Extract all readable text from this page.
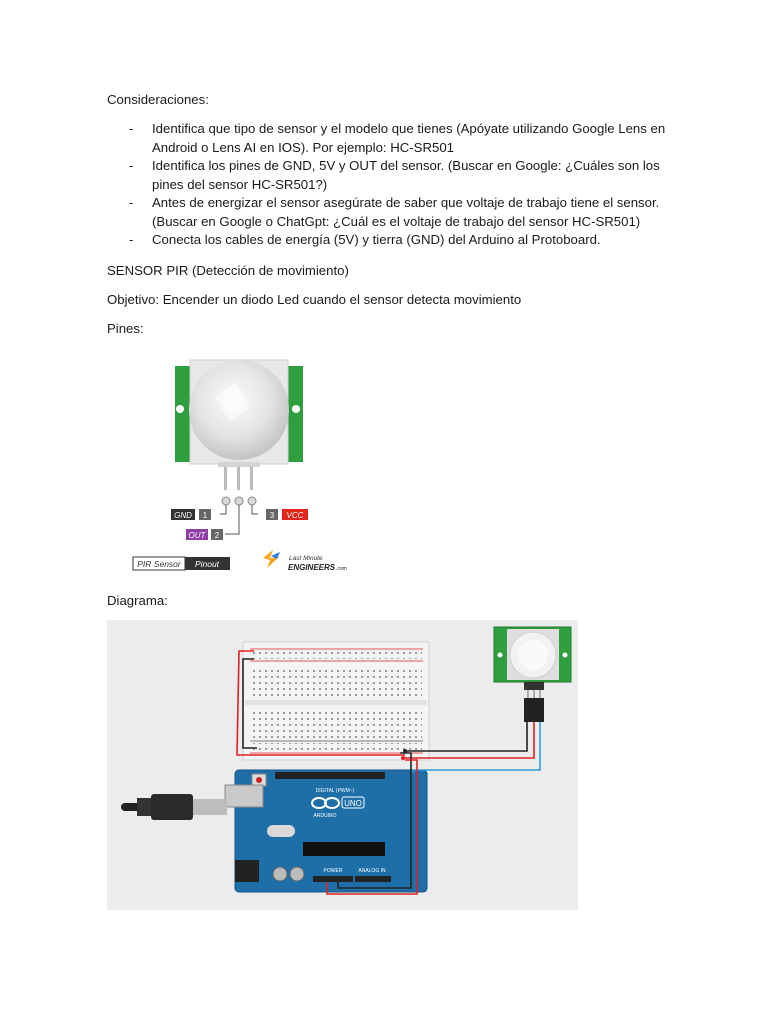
Consideraciones:

- Identifica que tipo de sensor y el modelo que tienes (Apóyate utilizando Google Lens en Android o Lens AI en IOS). Por ejemplo: HC-SR501
- Identifica los pines de GND, 5V y OUT del sensor. (Buscar en Google: ¿Cuáles son los pines del sensor HC-SR501?)
- Antes de energizar el sensor asegúrate de saber que voltaje de trabajo tiene el sensor. (Buscar en Google o ChatGpt: ¿Cuál es el voltaje de trabajo del sensor HC-SR501)
- Conecta los cables de energía (5V) y tierra (GND) del Arduino al Protoboard.

SENSOR PIR (Detección de movimiento)

Objetivo: Encender un diodo Led cuando el sensor detecta movimiento

Pines:

GND 1
OUT 2
3 VCC
PIR Sensor Pinout
Last Minute
ENGINEERS .com

Diagrama:

DIGITAL (PWM~)
UNO
ARDUINO
POWER	ANALOG IN
